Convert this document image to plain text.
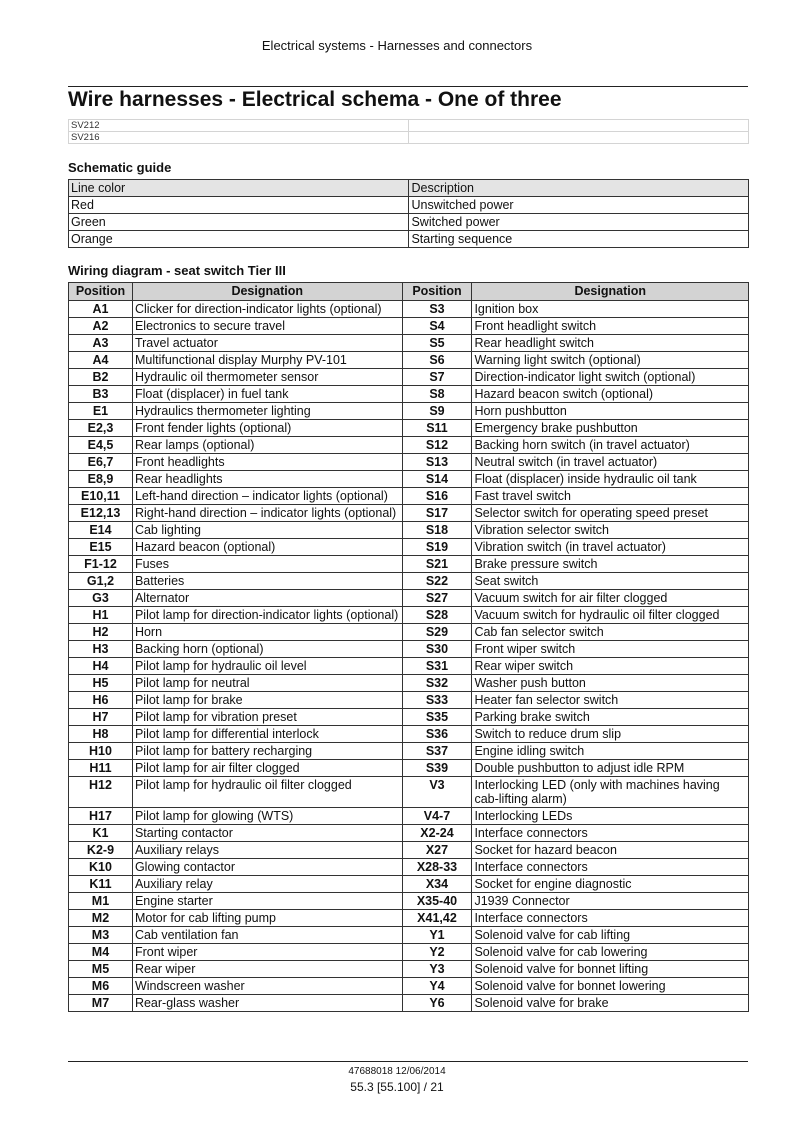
Electrical systems - Harnesses and connectors
Wire harnesses - Electrical schema - One of three
SV212	
SV216	
Schematic guide
Line color	Description
Red	Unswitched power
Green	Switched power
Orange	Starting sequence
Wiring diagram - seat switch Tier III
Position	Designation	Position	Designation
A1	Clicker for direction-indicator lights (optional)	S3	Ignition box
A2	Electronics to secure travel	S4	Front headlight switch
A3	Travel actuator	S5	Rear headlight switch
A4	Multifunctional display Murphy PV-101	S6	Warning light switch (optional)
B2	Hydraulic oil thermometer sensor	S7	Direction-indicator light switch (optional)
B3	Float (displacer) in fuel tank	S8	Hazard beacon switch (optional)
E1	Hydraulics thermometer lighting	S9	Horn pushbutton
E2,3	Front fender lights (optional)	S11	Emergency brake pushbutton
E4,5	Rear lamps (optional)	S12	Backing horn switch (in travel actuator)
E6,7	Front headlights	S13	Neutral switch (in travel actuator)
E8,9	Rear headlights	S14	Float (displacer) inside hydraulic oil tank
E10,11	Left-hand direction – indicator lights (optional)	S16	Fast travel switch
E12,13	Right-hand direction – indicator lights (optional)	S17	Selector switch for operating speed preset
E14	Cab lighting	S18	Vibration selector switch
E15	Hazard beacon (optional)	S19	Vibration switch (in travel actuator)
F1-12	Fuses	S21	Brake pressure switch
G1,2	Batteries	S22	Seat switch
G3	Alternator	S27	Vacuum switch for air filter clogged
H1	Pilot lamp for direction-indicator lights (optional)	S28	Vacuum switch for hydraulic oil filter clogged
H2	Horn	S29	Cab fan selector switch
H3	Backing horn (optional)	S30	Front wiper switch
H4	Pilot lamp for hydraulic oil level	S31	Rear wiper switch
H5	Pilot lamp for neutral	S32	Washer push button
H6	Pilot lamp for brake	S33	Heater fan selector switch
H7	Pilot lamp for vibration preset	S35	Parking brake switch
H8	Pilot lamp for differential interlock	S36	Switch to reduce drum slip
H10	Pilot lamp for battery recharging	S37	Engine idling switch
H11	Pilot lamp for air filter clogged	S39	Double pushbutton to adjust idle RPM
H12	Pilot lamp for hydraulic oil filter clogged	V3	Interlocking LED (only with machines having cab-lifting alarm)
H17	Pilot lamp for glowing (WTS)	V4-7	Interlocking LEDs
K1	Starting contactor	X2-24	Interface connectors
K2-9	Auxiliary relays	X27	Socket for hazard beacon
K10	Glowing contactor	X28-33	Interface connectors
K11	Auxiliary relay	X34	Socket for engine diagnostic
M1	Engine starter	X35-40	J1939 Connector
M2	Motor for cab lifting pump	X41,42	Interface connectors
M3	Cab ventilation fan	Y1	Solenoid valve for cab lifting
M4	Front wiper	Y2	Solenoid valve for cab lowering
M5	Rear wiper	Y3	Solenoid valve for bonnet lifting
M6	Windscreen washer	Y4	Solenoid valve for bonnet lowering
M7	Rear-glass washer	Y6	Solenoid valve for brake
47688018 12/06/2014
55.3 [55.100] / 21
